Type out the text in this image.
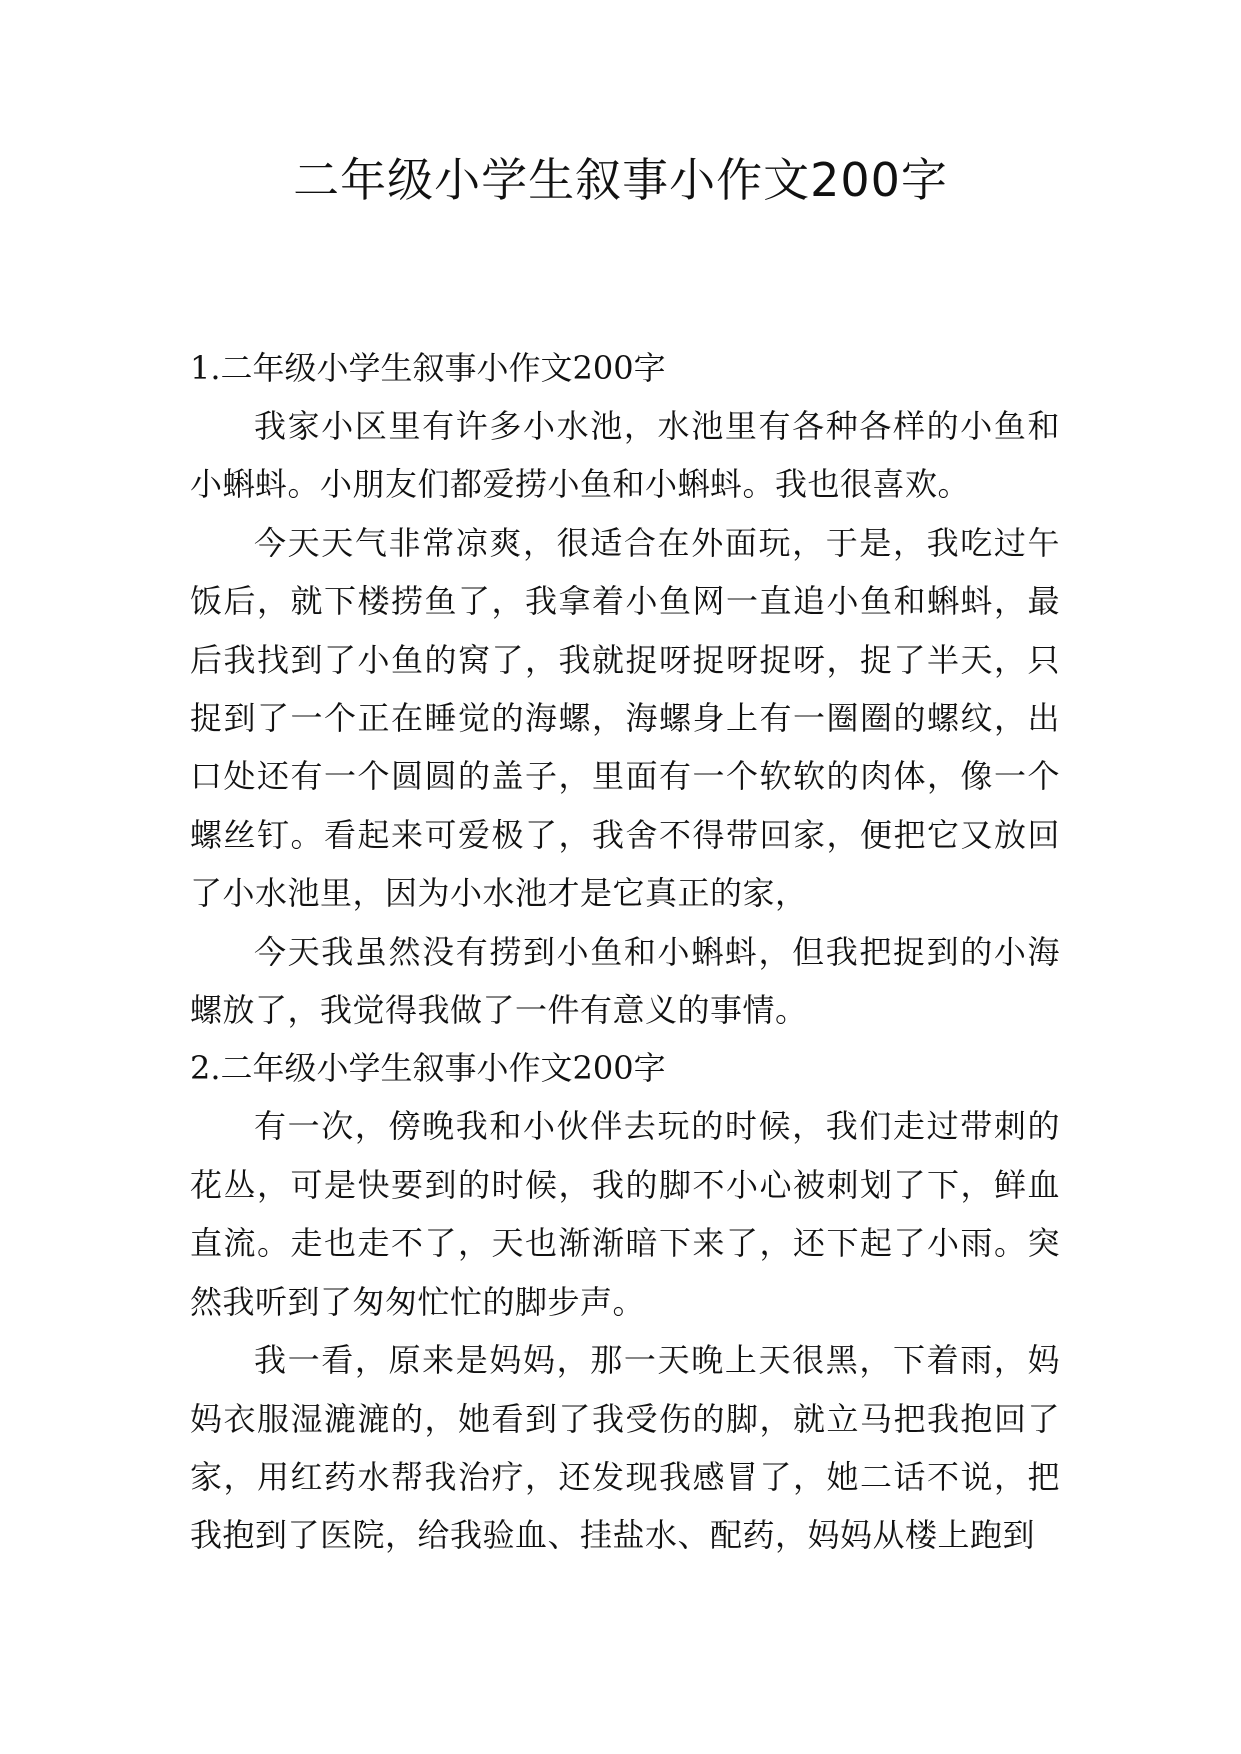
二年级小学生叙事小作文200字
1.二年级小学生叙事小作文200字

我家小区里有许多小水池，水池里有各种各样的小鱼和小蝌蚪。小朋友们都爱捞小鱼和小蝌蚪。我也很喜欢。

今天天气非常凉爽，很适合在外面玩，于是，我吃过午饭后，就下楼捞鱼了，我拿着小鱼网一直追小鱼和蝌蚪，最后我找到了小鱼的窝了，我就捉呀捉呀捉呀，捉了半天，只捉到了一个正在睡觉的海螺，海螺身上有一圈圈的螺纹，出口处还有一个圆圆的盖子，里面有一个软软的肉体，像一个螺丝钉。看起来可爱极了，我舍不得带回家，便把它又放回了小水池里，因为小水池才是它真正的家，

今天我虽然没有捞到小鱼和小蝌蚪，但我把捉到的小海螺放了，我觉得我做了一件有意义的事情。

2.二年级小学生叙事小作文200字

有一次，傍晚我和小伙伴去玩的时候，我们走过带刺的花丛，可是快要到的时候，我的脚不小心被刺划了下，鲜血直流。走也走不了，天也渐渐暗下来了，还下起了小雨。突然我听到了匆匆忙忙的脚步声。

我一看，原来是妈妈，那一天晚上天很黑，下着雨，妈妈衣服湿漉漉的，她看到了我受伤的脚，就立马把我抱回了家，用红药水帮我治疗，还发现我感冒了，她二话不说，把我抱到了医院，给我验血、挂盐水、配药，妈妈从楼上跑到
